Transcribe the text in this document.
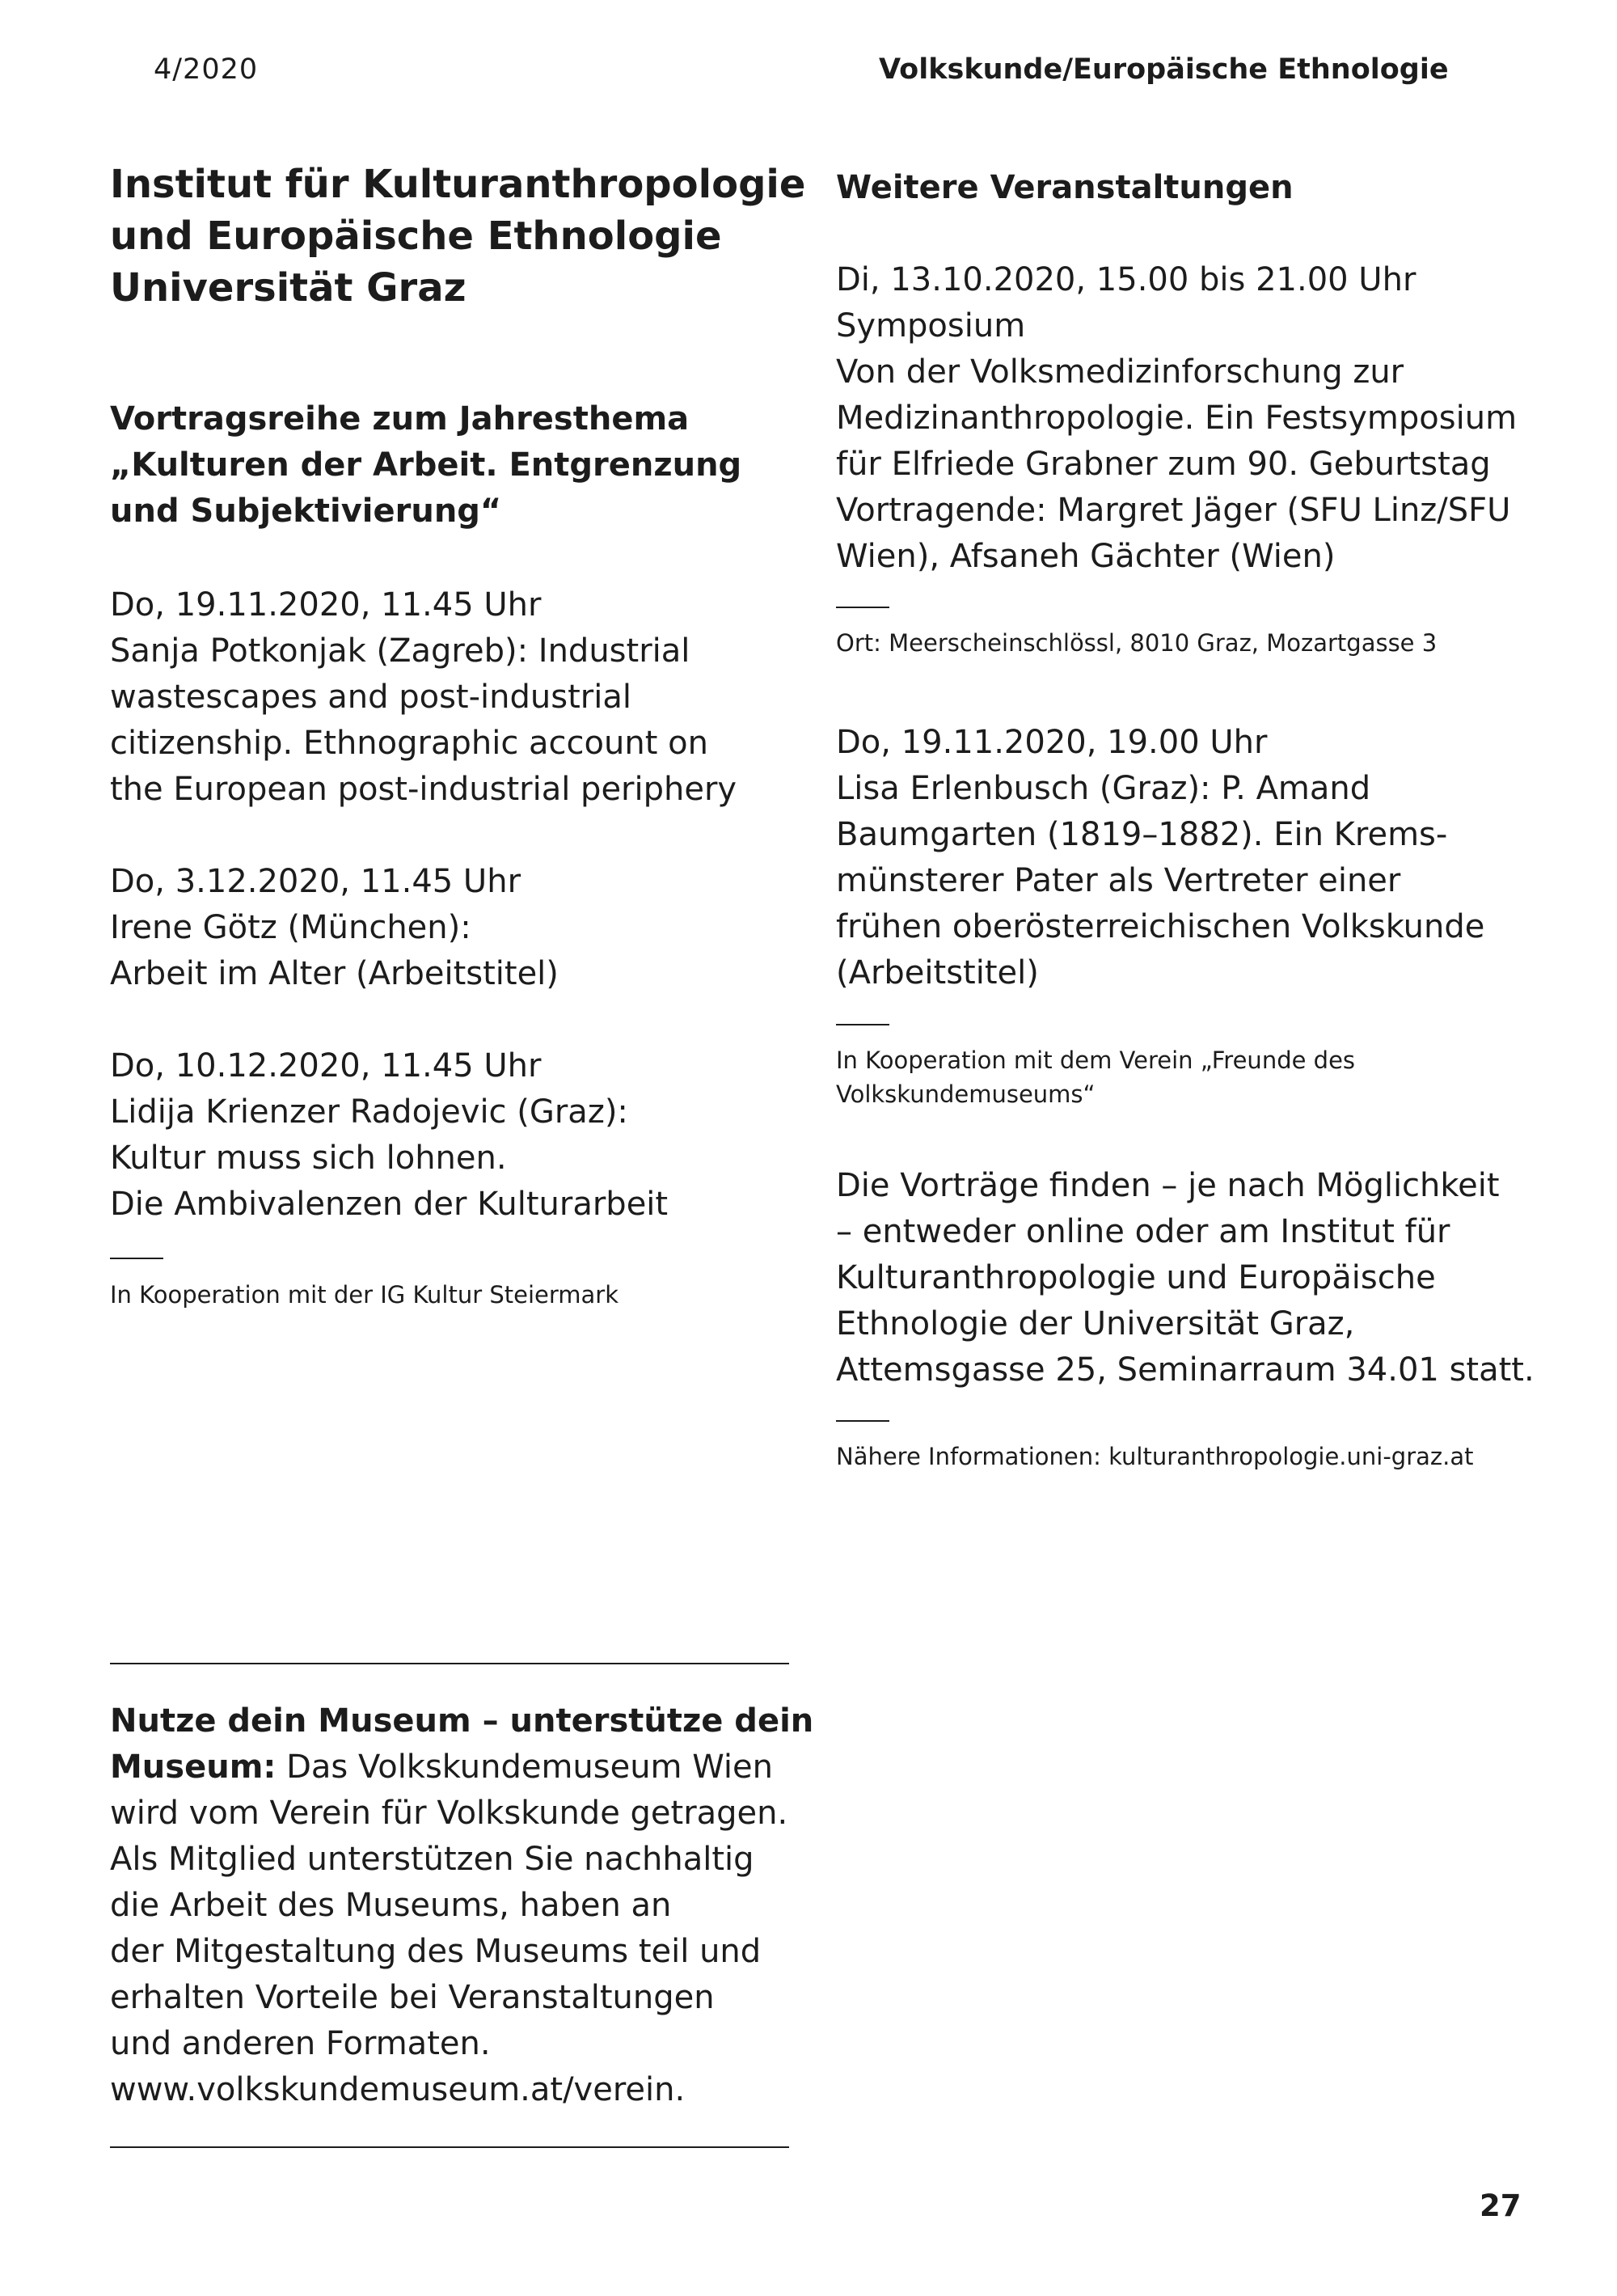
4/2020	Volkskunde/Europäische Ethnologie
Institut für Kulturanthropologie
und Europäische Ethnologie
Universität Graz
Vortragsreihe zum Jahresthema
„Kulturen der Arbeit. Entgrenzung
und Subjektivierung“
Do, 19.11.2020, 11.45 Uhr
Sanja Potkonjak (Zagreb): Industrial
wastescapes and post-industrial
citizenship. Ethnographic account on
the European post-industrial periphery
Do, 3.12.2020, 11.45 Uhr
Irene Götz (München):
Arbeit im Alter (Arbeitstitel)
Do, 10.12.2020, 11.45 Uhr
Lidija Krienzer Radojevic (Graz):
Kultur muss sich lohnen.
Die Ambivalenzen der Kulturarbeit
In Kooperation mit der IG Kultur Steiermark
Weitere Veranstaltungen
Di, 13.10.2020, 15.00 bis 21.00 Uhr
Symposium
Von der Volksmedizinforschung zur
Medizinanthropologie. Ein Festsymposium
für Elfriede Grabner zum 90. Geburtstag
Vortragende: Margret Jäger (SFU Linz/SFU
Wien), Afsaneh Gächter (Wien)
Ort: Meerscheinschlössl, 8010 Graz, Mozartgasse 3
Do, 19.11.2020, 19.00 Uhr
Lisa Erlenbusch (Graz): P. Amand
Baumgarten (1819–1882). Ein Krems-
münsterer Pater als Vertreter einer
frühen oberösterreichischen Volkskunde
(Arbeitstitel)
In Kooperation mit dem Verein „Freunde des
Volkskundemuseums“
Die Vorträge finden – je nach Möglichkeit
– entweder online oder am Institut für
Kulturanthropologie und Europäische
Ethnologie der Universität Graz,
Attemsgasse 25, Seminarraum 34.01 statt.
Nähere Informationen: kulturanthropologie.uni-graz.at
Nutze dein Museum – unterstütze dein
Museum: Das Volkskundemuseum Wien
wird vom Verein für Volkskunde getragen.
Als Mitglied unterstützen Sie nachhaltig
die Arbeit des Museums, haben an
der Mitgestaltung des Museums teil und
erhalten Vorteile bei Veranstaltungen
und anderen Formaten.
www.volkskundemuseum.at/verein.
27
